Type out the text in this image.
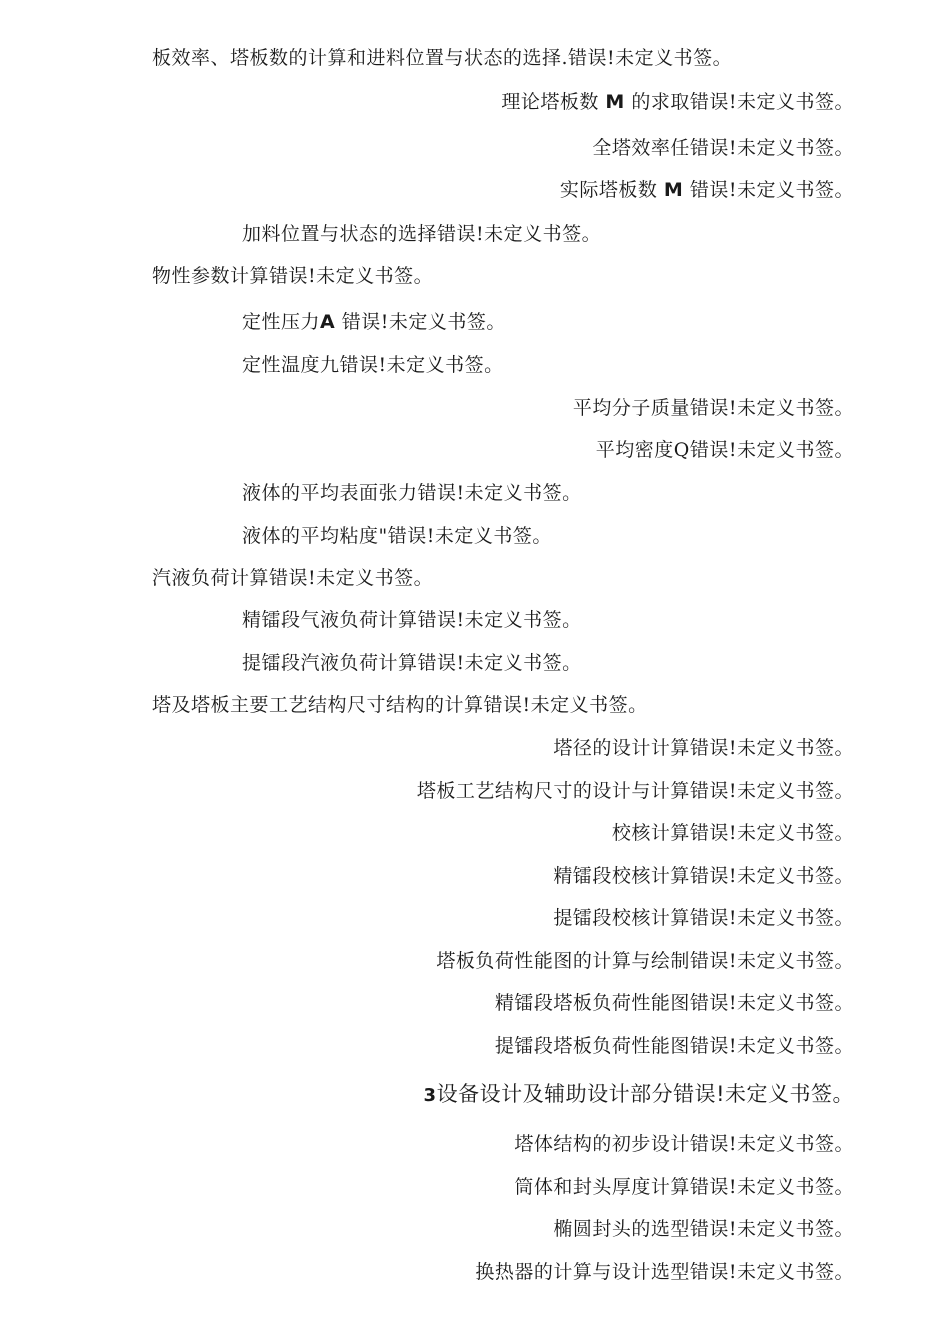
板效率、塔板数的计算和进料位置与状态的选择.错误!未定义书签。
理论塔板数 M 的求取错误!未定义书签。
全塔效率任错误!未定义书签。
实际塔板数 M 错误!未定义书签。
加料位置与状态的选择错误!未定义书签。
物性参数计算错误!未定义书签。
定性压力A 错误!未定义书签。
定性温度九错误!未定义书签。
平均分子质量错误!未定义书签。
平均密度Q错误!未定义书签。
液体的平均表面张力错误!未定义书签。
液体的平均粘度"错误!未定义书签。
汽液负荷计算错误!未定义书签。
精镭段气液负荷计算错误!未定义书签。
提镭段汽液负荷计算错误!未定义书签。
塔及塔板主要工艺结构尺寸结构的计算错误!未定义书签。
塔径的设计计算错误!未定义书签。
塔板工艺结构尺寸的设计与计算错误!未定义书签。
校核计算错误!未定义书签。
精镭段校核计算错误!未定义书签。
提镭段校核计算错误!未定义书签。
塔板负荷性能图的计算与绘制错误!未定义书签。
精镭段塔板负荷性能图错误!未定义书签。
提镭段塔板负荷性能图错误!未定义书签。
3设备设计及辅助设计部分错误!未定义书签。
塔体结构的初步设计错误!未定义书签。
筒体和封头厚度计算错误!未定义书签。
椭圆封头的选型错误!未定义书签。
换热器的计算与设计选型错误!未定义书签。
